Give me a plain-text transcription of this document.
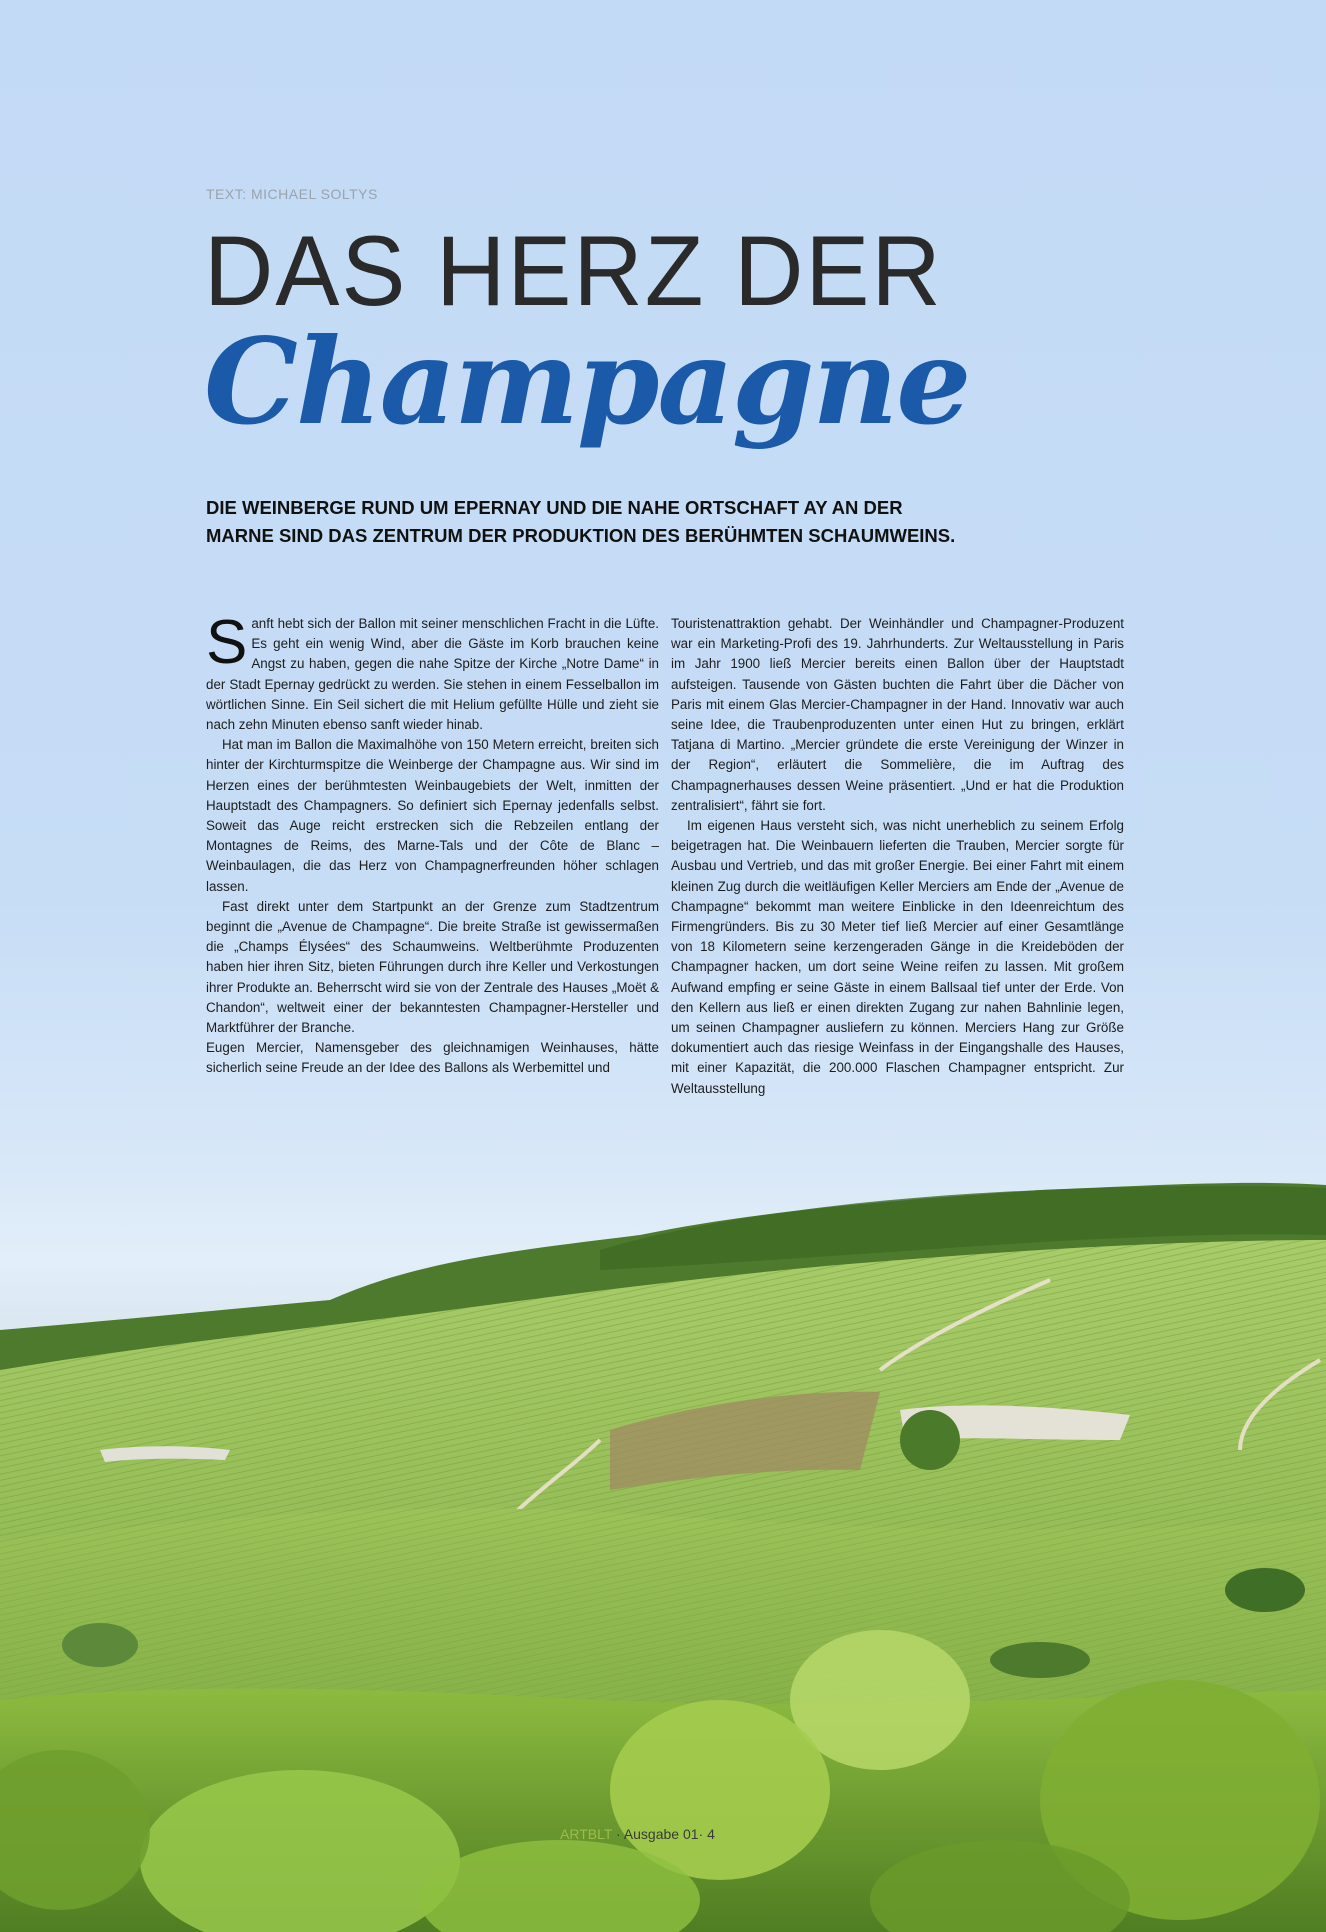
TEXT: MICHAEL SOLTYS
DAS HERZ DER
Champagne
DIE WEINBERGE RUND UM EPERNAY UND DIE NAHE ORTSCHAFT AY AN DER
MARNE SIND DAS ZENTRUM DER PRODUKTION DES BERÜHMTEN SCHAUMWEINS.

Sanft hebt sich der Ballon mit seiner menschlichen Fracht in die Lüfte. Es geht ein wenig Wind, aber die Gäste im Korb brauchen keine Angst zu haben, gegen die nahe Spitze der Kirche „Notre Dame“ in der Stadt Epernay gedrückt zu werden. Sie stehen in einem Fesselballon im wörtlichen Sinne. Ein Seil sichert die mit Helium gefüllte Hülle und zieht sie nach zehn Minuten ebenso sanft wieder hinab.

Hat man im Ballon die Maximalhöhe von 150 Metern erreicht, breiten sich hinter der Kirchturmspitze die Weinberge der Champagne aus. Wir sind im Herzen eines der berühmtesten Weinbaugebiets der Welt, inmitten der Hauptstadt des Champagners. So definiert sich Epernay jedenfalls selbst. Soweit das Auge reicht erstrecken sich die Rebzeilen entlang der Montagnes de Reims, des Marne-Tals und der Côte de Blanc – Weinbaulagen, die das Herz von Champagnerfreunden höher schlagen lassen.

Fast direkt unter dem Startpunkt an der Grenze zum Stadtzentrum beginnt die „Avenue de Champagne“. Die breite Straße ist gewissermaßen die „Champs Élysées“ des Schaumweins. Weltberühmte Produzenten haben hier ihren Sitz, bieten Führungen durch ihre Keller und Verkostungen ihrer Produkte an. Beherrscht wird sie von der Zentrale des Hauses „Moët & Chandon“, weltweit einer der bekanntesten Champagner-Hersteller und Marktführer der Branche.

Eugen Mercier, Namensgeber des gleichnamigen Weinhauses, hätte sicherlich seine Freude an der Idee des Ballons als Werbemittel und

Touristenattraktion gehabt. Der Weinhändler und Champagner-Produzent war ein Marketing-Profi des 19. Jahrhunderts. Zur Weltausstellung in Paris im Jahr 1900 ließ Mercier bereits einen Ballon über der Hauptstadt aufsteigen. Tausende von Gästen buchten die Fahrt über die Dächer von Paris mit einem Glas Mercier-Champagner in der Hand. Innovativ war auch seine Idee, die Traubenproduzenten unter einen Hut zu bringen, erklärt Tatjana di Martino. „Mercier gründete die erste Vereinigung der Winzer in der Region“, erläutert die Sommelière, die im Auftrag des Champagnerhauses dessen Weine präsentiert. „Und er hat die Produktion zentralisiert“, fährt sie fort.

Im eigenen Haus versteht sich, was nicht unerheblich zu seinem Erfolg beigetragen hat. Die Weinbauern lieferten die Trauben, Mercier sorgte für Ausbau und Vertrieb, und das mit großer Energie. Bei einer Fahrt mit einem kleinen Zug durch die weitläufigen Keller Merciers am Ende der „Avenue de Champagne“ bekommt man weitere Einblicke in den Ideenreichtum des Firmengründers. Bis zu 30 Meter tief ließ Mercier auf einer Gesamtlänge von 18 Kilometern seine kerzengeraden Gänge in die Kreideböden der Champagner hacken, um dort seine Weine reifen zu lassen. Mit großem Aufwand empfing er seine Gäste in einem Ballsaal tief unter der Erde. Von den Kellern aus ließ er einen direkten Zugang zur nahen Bahnlinie legen, um seinen Champagner ausliefern zu können. Merciers Hang zur Größe dokumentiert auch das riesige Weinfass in der Eingangshalle des Hauses, mit einer Kapazität, die 200.000 Flaschen Champagner entspricht. Zur Weltausstellung

ARTBLT · Ausgabe 01· 4
